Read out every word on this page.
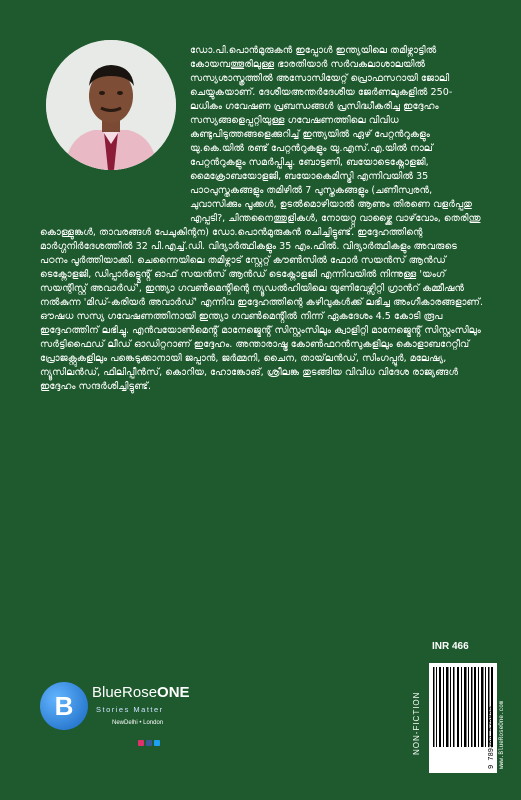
ഡോ.പി.പൊൻമുരുകൻ ഇപ്പോൾ ഇന്ത്യയിലെ തമിഴ്നാട്ടിൽ കോയമ്പത്തൂരിലുള്ള ഭാരതിയാർ സർവകലാശാലയിൽ സസ്യശാസ്ത്രത്തിൽ അസോസിയേറ്റ് പ്രൊഫസറായി ജോലി ചെയ്യുകയാണ്. ദേശീയഅന്തർദേശീയ ജേർണലുകളിൽ 250-ലധികം ഗവേഷണ പ്രബന്ധങ്ങൾ പ്രസിദ്ധീകരിച്ച ഇദ്ദേഹം സസ്യങ്ങളെപ്പറ്റിയുള്ള ഗവേഷണത്തിലെ വിവിധ കണ്ടുപിടുത്തങ്ങളെക്കുറിച്ച് ഇന്ത്യയിൽ ഏഴ് പേറ്റൻറുകളും യു.കെ.യിൽ രണ്ട് പേറ്റൻറുകളും യു.എസ്.എ.യിൽ നാല് പേറ്റൻറുകളും സമർപ്പിച്ചു. ബോട്ടണി, ബയോടെക്നോളജി, മൈക്രോബയോളജി, ബയോകെമിസ്ട്രി എന്നിവയിൽ 35 പാഠപുസ്തകങ്ങളും തമിഴിൽ 7 പുസ്തകങ്ങളും (ചണീസ്വരൻ, ചുവാസിക്കും പൂക്കൾ, ഉടൽമൊഴിയാൽ ആണും തിരണെ വളർപ്പതു എപ്പടി?, ചിന്തനൈത്തുളികൾ, നോയറ്റ്റ വാഴ്ക്കൈ വാഴ്‌വോം, തെരിന്തു കൊള്ളുങ്കൾ, താവരങ്ങൾ പേചുകിന്റന) ഡോ.പൊൻമുരുകൻ രചിച്ചിട്ടുണ്ട്. ഇദ്ദേഹത്തിന്റെ മാർഗ്ഗനിർദേശത്തിൽ 32 പി.എച്ച്.ഡി. വിദ്യാർത്ഥികളും 35 എം.ഫിൽ. വിദ്യാർത്ഥികളും അവരുടെ പഠനം പൂർത്തിയാക്കി. ചെന്നൈയിലെ തമിഴ്നാട് സ്റ്റേറ്റ് കൗൺസിൽ ഫോർ സയൻസ് ആൻഡ് ടെക്നോളജി, ഡിപ്പാർട്ട്മെൻ്റ് ഓഫ് സയൻസ് ആൻഡ് ടെക്നോളജി എന്നിവയിൽ നിന്നുള്ള 'യംഗ് സയന്റിസ്റ്റ് അവാർഡ്', ഇന്ത്യാ ഗവൺമെൻ്റിന്റെ ന്യൂഡൽഹിയിലെ യൂണിവേഴ്സിറ്റി ഗ്രാൻറ് കമ്മീഷൻ നൽകുന്ന 'മിഡ്-കരിയർ അവാർഡ്' എന്നിവ ഇദ്ദേഹത്തിന്റെ കഴിവുകൾക്ക് ലഭിച്ച അംഗീകാരങ്ങളാണ്. ഔഷധ സസ്യ ഗവേഷണത്തിനായി ഇന്ത്യാ ഗവൺമെൻ്റിൽ നിന്ന് ഏകദേശം 4.5 കോടി രൂപ ഇദ്ദേഹത്തിന് ലഭിച്ചു. എൻവയോൺമെൻ്റ് മാനേജ്മെൻ്റ് സിസ്റ്റംസിലും ക്വാളിറ്റി മാനേജ്മെൻ്റ് സിസ്റ്റംസിലും സർട്ടിഫൈഡ് ലീഡ് ഓഡിറ്ററാണ് ഇദ്ദേഹം. അന്താരാഷ്ട്ര കോൺഫറൻസുകളിലും കൊളാബറേറ്റീവ് പ്രോജക്റ്റുകളിലും പങ്കെടുക്കാനായി ജപ്പാൻ, ജർമ്മനി, ചൈന, തായ്‌ലൻഡ്, സിംഗപ്പൂർ, മലേഷ്യ, ന്യൂസിലൻഡ്, ഫിലിപ്പീൻസ്, കൊറിയ, ഹോങ്കോങ്, ശ്രീലങ്ക തുടങ്ങിയ വിവിധ വിദേശ രാജ്യങ്ങൾ ഇദ്ദേഹം സന്ദർശിച്ചിട്ടുണ്ട്.

INR 466
NON-FICTION	9 789364 525855 www.BlueRoseOne.com
B	BlueRoseONE
Stories Matter
NewDelhi • London
